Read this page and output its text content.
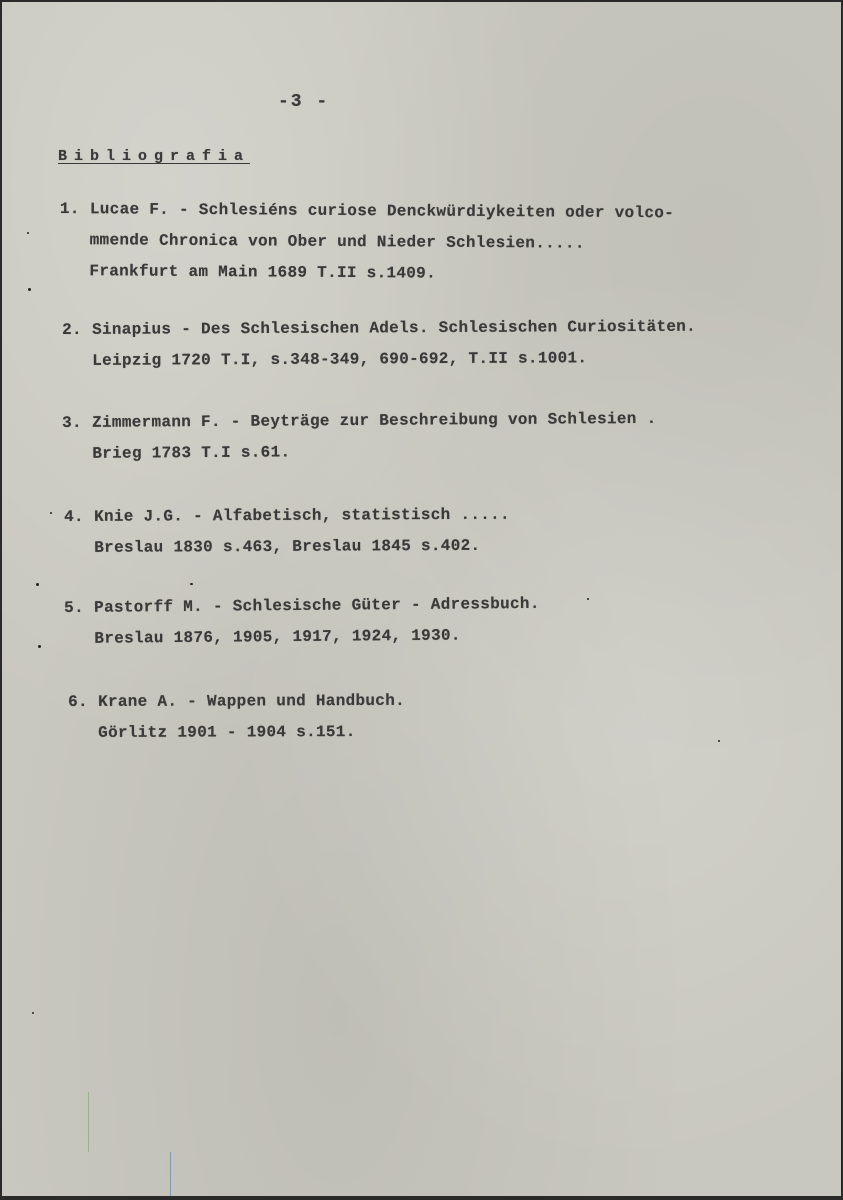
-3 -
Bibliografia
1. Lucae F. - Schlesiéns curiose Denckwürdiykeiten oder volco-
mmende Chronica von Ober und Nieder Schlesien.....
Frankfurt am Main 1689 T.II s.1409.
2. Sinapius - Des Schlesischen Adels. Schlesischen Curiositäten.
Leipzig 1720 T.I, s.348-349, 690-692, T.II s.1001.
3. Zimmermann F. - Beyträge zur Beschreibung von Schlesien .
Brieg 1783 T.I s.61.
4. Knie J.G. - Alfabetisch, statistisch .....
Breslau 1830 s.463, Breslau 1845 s.402.
5. Pastorff M. - Schlesische Güter - Adressbuch.
Breslau 1876, 1905, 1917, 1924, 1930.
6. Krane A. - Wappen und Handbuch.
Görlitz 1901 - 1904 s.151.
